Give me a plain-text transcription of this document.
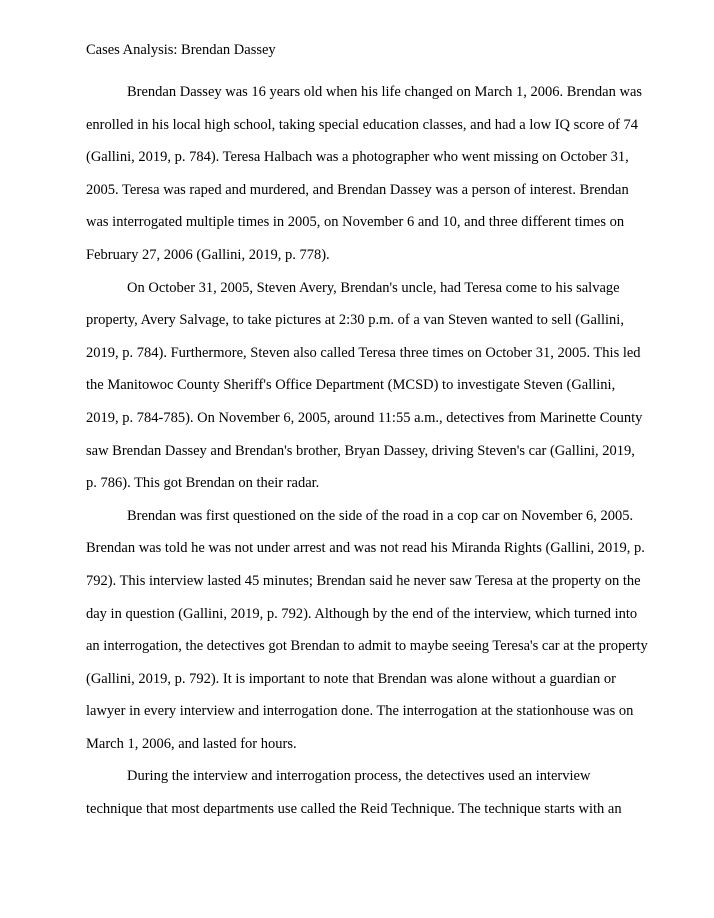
Cases Analysis: Brendan Dassey
Brendan Dassey was 16 years old when his life changed on March 1, 2006. Brendan was
enrolled in his local high school, taking special education classes, and had a low IQ score of 74
(Gallini, 2019, p. 784). Teresa Halbach was a photographer who went missing on October 31,
2005. Teresa was raped and murdered, and Brendan Dassey was a person of interest. Brendan
was interrogated multiple times in 2005, on November 6 and 10, and three different times on
February 27, 2006 (Gallini, 2019, p. 778).
On October 31, 2005, Steven Avery, Brendan's uncle, had Teresa come to his salvage
property, Avery Salvage, to take pictures at 2:30 p.m. of a van Steven wanted to sell (Gallini,
2019, p. 784). Furthermore, Steven also called Teresa three times on October 31, 2005. This led
the Manitowoc County Sheriff's Office Department (MCSD) to investigate Steven (Gallini,
2019, p. 784-785). On November 6, 2005, around 11:55 a.m., detectives from Marinette County
saw Brendan Dassey and Brendan's brother, Bryan Dassey, driving Steven's car (Gallini, 2019,
p. 786). This got Brendan on their radar.
Brendan was first questioned on the side of the road in a cop car on November 6, 2005.
Brendan was told he was not under arrest and was not read his Miranda Rights (Gallini, 2019, p.
792). This interview lasted 45 minutes; Brendan said he never saw Teresa at the property on the
day in question (Gallini, 2019, p. 792). Although by the end of the interview, which turned into
an interrogation, the detectives got Brendan to admit to maybe seeing Teresa's car at the property
(Gallini, 2019, p. 792). It is important to note that Brendan was alone without a guardian or
lawyer in every interview and interrogation done. The interrogation at the stationhouse was on
March 1, 2006, and lasted for hours.
During the interview and interrogation process, the detectives used an interview
technique that most departments use called the Reid Technique. The technique starts with an
